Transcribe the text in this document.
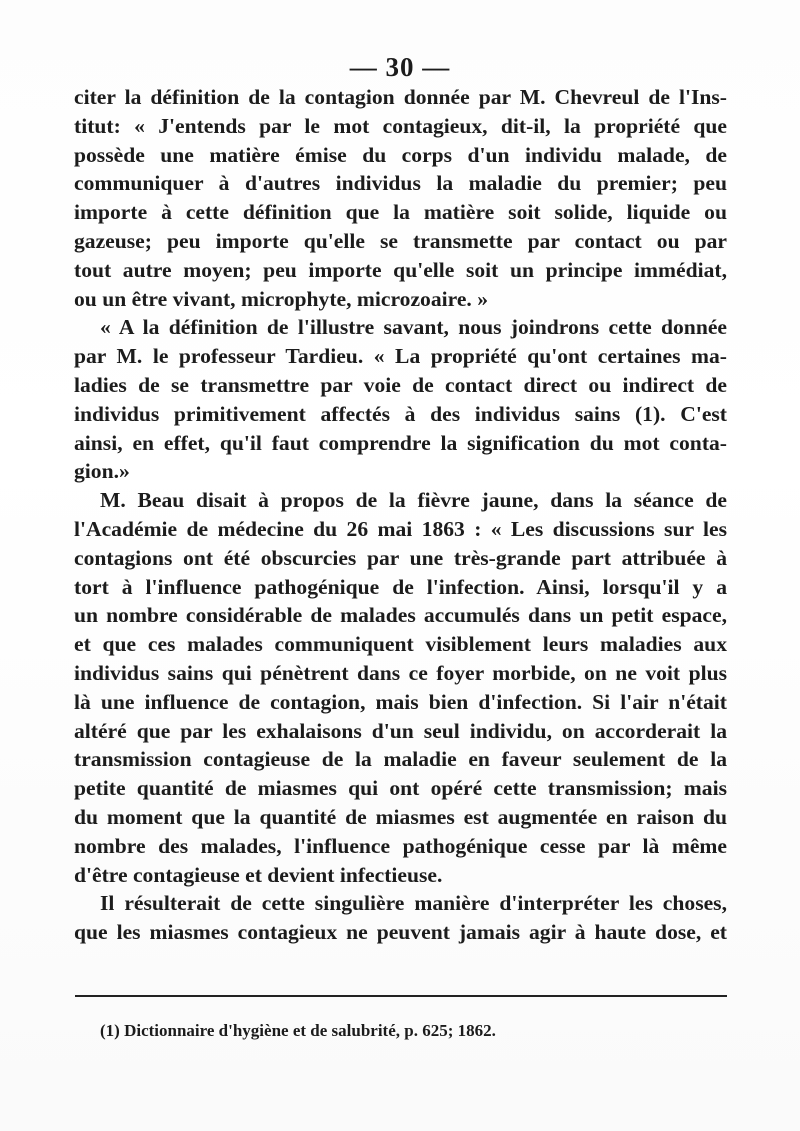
— 30 —
citer la définition de la contagion donnée par M. Chevreul de l'Ins-
titut: « J'entends par le mot contagieux, dit-il, la propriété que
possède une matière émise du corps d'un individu malade, de
communiquer à d'autres individus la maladie du premier; peu
importe à cette définition que la matière soit solide, liquide ou
gazeuse; peu importe qu'elle se transmette par contact ou par
tout autre moyen; peu importe qu'elle soit un principe immédiat,
ou un être vivant, microphyte, microzoaire. »
« A la définition de l'illustre savant, nous joindrons cette donnée
par M. le professeur Tardieu. « La propriété qu'ont certaines ma-
ladies de se transmettre par voie de contact direct ou indirect de
individus primitivement affectés à des individus sains (1). C'est
ainsi, en effet, qu'il faut comprendre la signification du mot conta-
gion.»
M. Beau disait à propos de la fièvre jaune, dans la séance de
l'Académie de médecine du 26 mai 1863 : « Les discussions sur les
contagions ont été obscurcies par une très-grande part attribuée à
tort à l'influence pathogénique de l'infection. Ainsi, lorsqu'il y a
un nombre considérable de malades accumulés dans un petit espace,
et que ces malades communiquent visiblement leurs maladies aux
individus sains qui pénètrent dans ce foyer morbide, on ne voit plus
là une influence de contagion, mais bien d'infection. Si l'air n'était
altéré que par les exhalaisons d'un seul individu, on accorderait la
transmission contagieuse de la maladie en faveur seulement de la
petite quantité de miasmes qui ont opéré cette transmission; mais
du moment que la quantité de miasmes est augmentée en raison du
nombre des malades, l'influence pathogénique cesse par là même
d'être contagieuse et devient infectieuse.
Il résulterait de cette singulière manière d'interpréter les choses,
que les miasmes contagieux ne peuvent jamais agir à haute dose, et
(1) Dictionnaire d'hygiène et de salubrité, p. 625; 1862.
